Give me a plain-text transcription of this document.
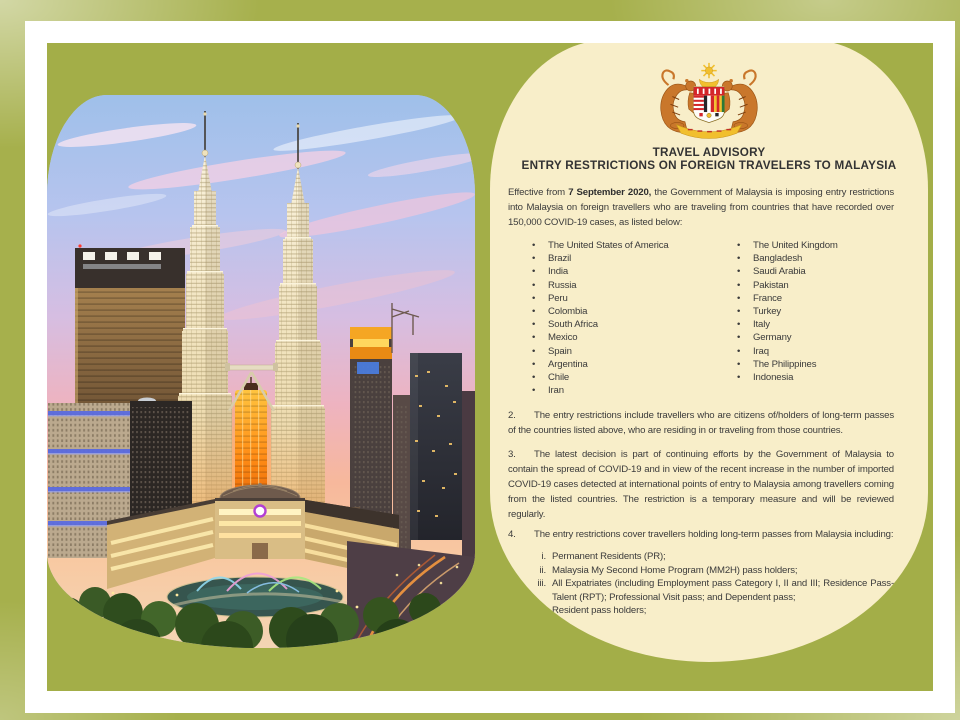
TRAVEL ADVISORY
ENTRY RESTRICTIONS ON FOREIGN TRAVELERS TO MALAYSIA

Effective from 7 September 2020, the Government of Malaysia is imposing entry restrictions into Malaysia on foreign travellers who are traveling from countries that have recorded over 150,000 COVID-19 cases, as listed below:

• The United States of America
• Brazil
• India
• Russia
• Peru
• Colombia
• South Africa
• Mexico
• Spain
• Argentina
• Chile
• Iran
• The United Kingdom
• Bangladesh
• Saudi Arabia
• Pakistan
• France
• Turkey
• Italy
• Germany
• Iraq
• The Philippines
• Indonesia

2. The entry restrictions include travellers who are citizens of/holders of long-term passes of the countries listed above, who are residing in or traveling from those countries.

3. The latest decision is part of continuing efforts by the Government of Malaysia to contain the spread of COVID-19 and in view of the recent increase in the number of imported COVID-19 cases detected at international points of entry to Malaysia among travellers coming from the listed countries. The restriction is a temporary measure and will be reviewed regularly.

4. The entry restrictions cover travellers holding long-term passes from Malaysia including:

i. Permanent Residents (PR);
ii. Malaysia My Second Home Program (MM2H) pass holders;
iii. All Expatriates (including Employment pass Category I, II and III; Residence Pass-Talent (RPT); Professional Visit pass; and Dependent pass;
iv. Resident pass holders;
